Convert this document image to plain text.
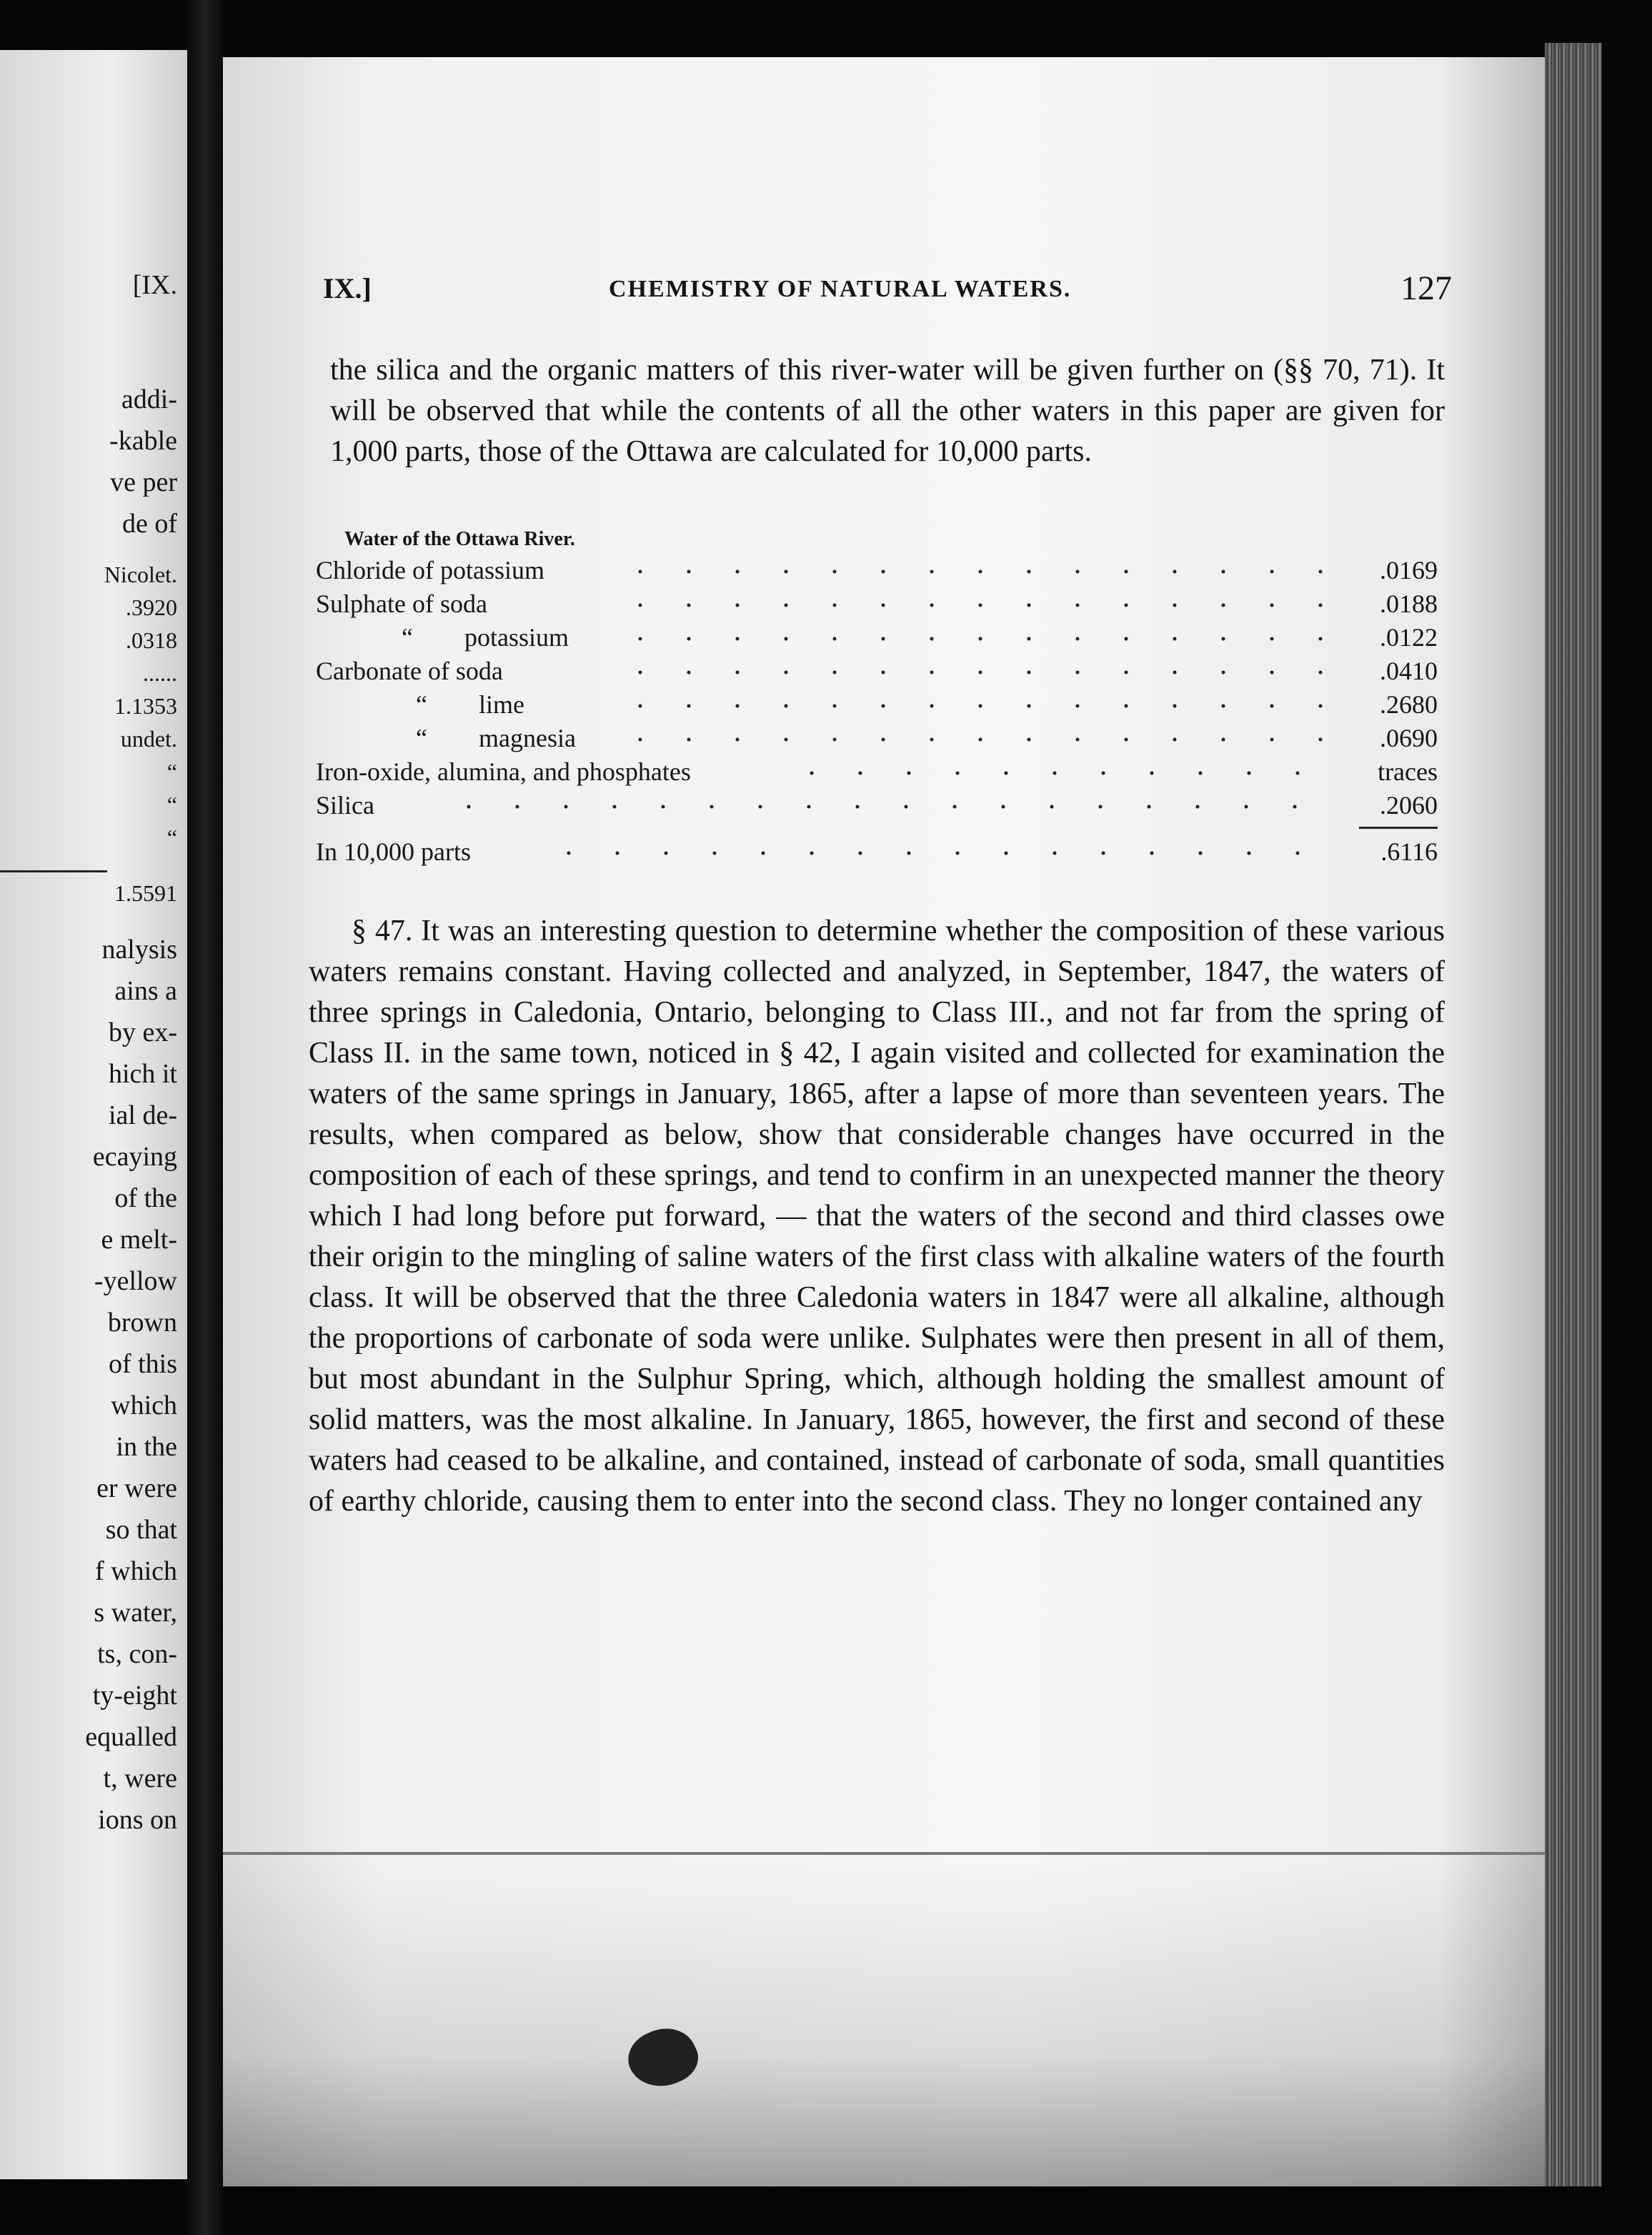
[IX.
addi-
-kable
ve per
de of
Nicolet.
.3920
.0318
......
1.1353
undet.
“
“
“
1.5591
nalysis
ains a
by ex-
hich it
ial de-
ecaying
of the
e melt-
-yellow
brown
of this
which
in the
er were
so that
f which
s water,
ts, con-
ty-eight
equalled
t, were
ions on
IX.]	CHEMISTRY OF NATURAL WATERS.	127
the silica and the organic matters of this river-water will be given further on (§§ 70, 71). It will be observed that while the contents of all the other waters in this paper are given for 1,000 parts, those of the Ottawa are calculated for 10,000 parts.
Water of the Ottawa River.
Chloride of potassium	.0169
Sulphate of soda	.0188
“        potassium	.0122
Carbonate of soda	.0410
“        lime	.2680
“        magnesia	.0690
Iron-oxide, alumina, and phosphates	traces
Silica	.2060
In 10,000 parts	.6116
§ 47. It was an interesting question to determine whether the composition of these various waters remains constant. Having collected and analyzed, in September, 1847, the waters of three springs in Caledonia, Ontario, belonging to Class III., and not far from the spring of Class II. in the same town, noticed in § 42, I again visited and collected for examination the waters of the same springs in January, 1865, after a lapse of more than seventeen years. The results, when compared as below, show that considerable changes have occurred in the composition of each of these springs, and tend to confirm in an unexpected manner the theory which I had long before put forward, — that the waters of the second and third classes owe their origin to the mingling of saline waters of the first class with alkaline waters of the fourth class. It will be observed that the three Caledonia waters in 1847 were all alkaline, although the proportions of carbonate of soda were unlike. Sulphates were then present in all of them, but most abundant in the Sulphur Spring, which, although holding the smallest amount of solid matters, was the most alkaline. In January, 1865, however, the first and second of these waters had ceased to be alkaline, and contained, instead of carbonate of soda, small quantities of earthy chloride, causing them to enter into the second class. They no longer contained any
